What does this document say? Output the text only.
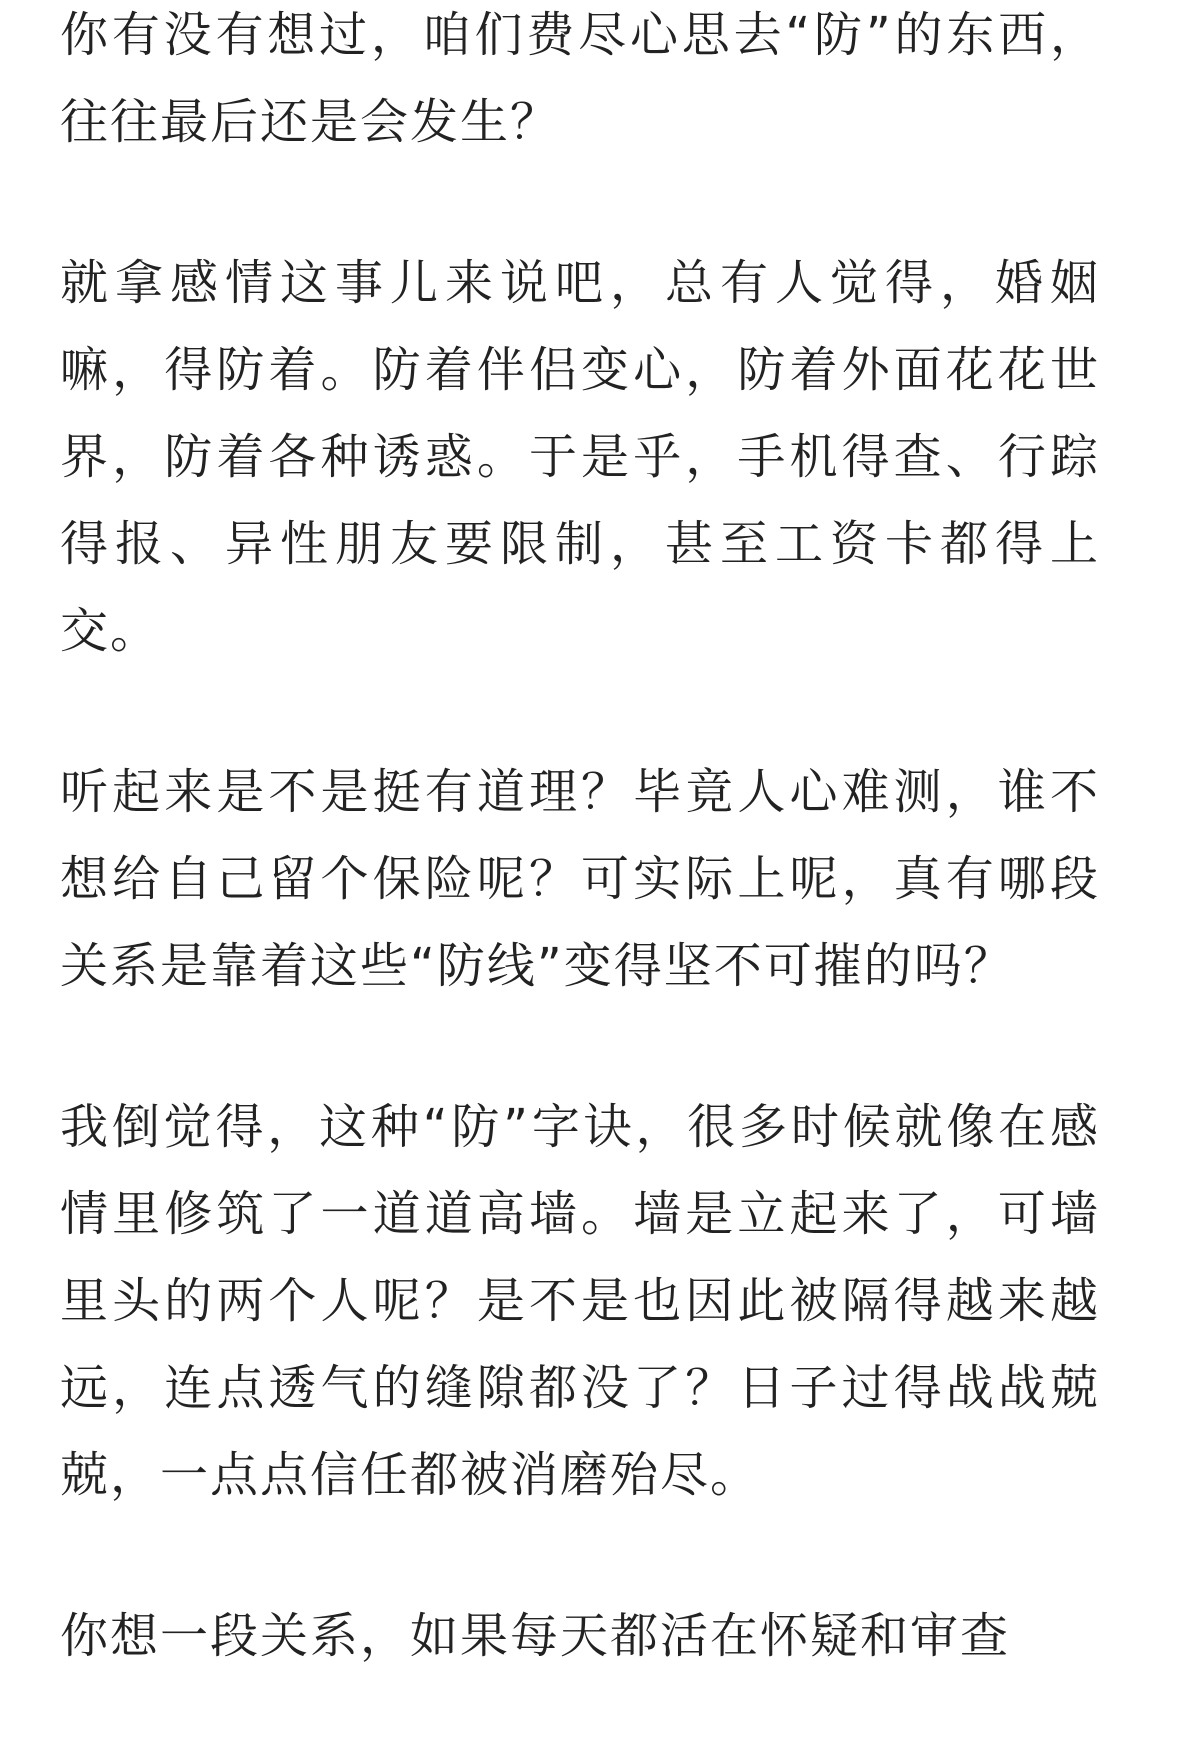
你有没有想过，咱们费尽心思去“防”的东西，往往最后还是会发生？

就拿感情这事儿来说吧，总有人觉得，婚姻嘛，得防着。防着伴侣变心，防着外面花花世界，防着各种诱惑。于是乎，手机得查、行踪得报、异性朋友要限制，甚至工资卡都得上交。

听起来是不是挺有道理？毕竟人心难测，谁不想给自己留个保险呢？可实际上呢，真有哪段关系是靠着这些“防线”变得坚不可摧的吗？

我倒觉得，这种“防”字诀，很多时候就像在感情里修筑了一道道高墙。墙是立起来了，可墙里头的两个人呢？是不是也因此被隔得越来越远，连点透气的缝隙都没了？日子过得战战兢兢，一点点信任都被消磨殆尽。

你想一段关系，如果每天都活在怀疑和审查
